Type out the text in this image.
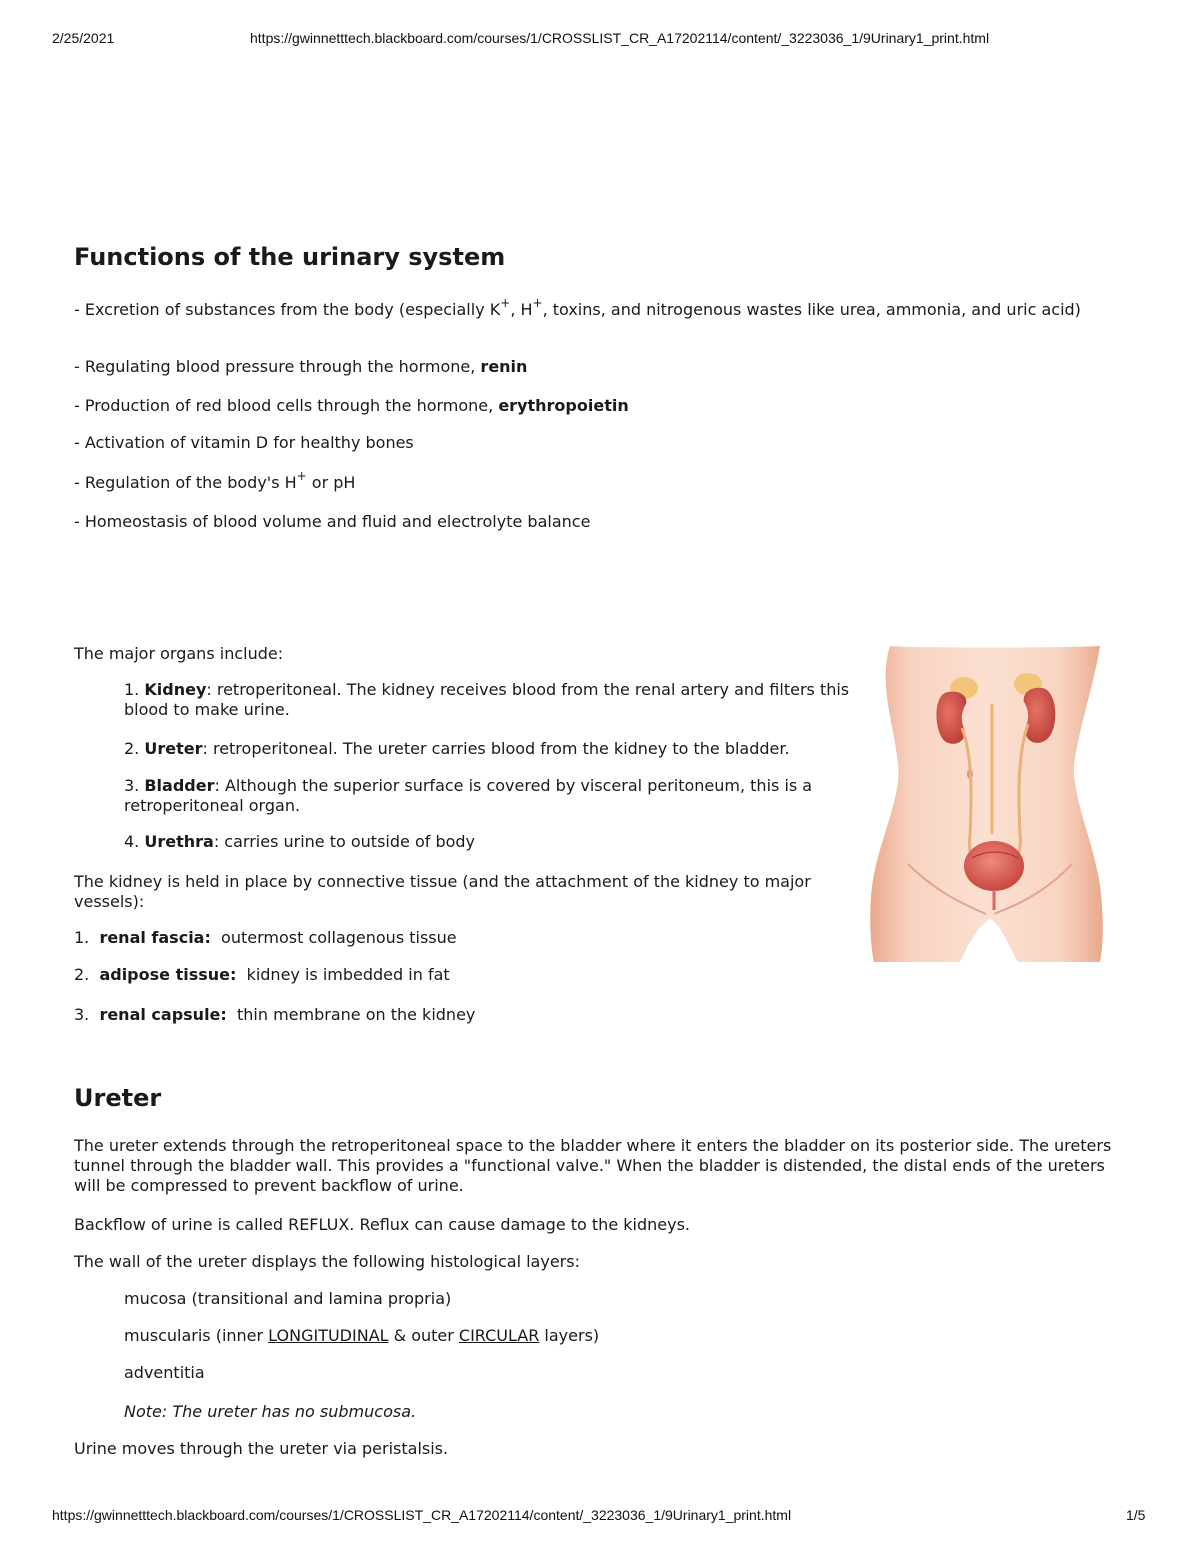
2/25/2021	https://gwinnetttech.blackboard.com/courses/1/CROSSLIST_CR_A17202114/content/_3223036_1/9Urinary1_print.html
https://gwinnetttech.blackboard.com/courses/1/CROSSLIST_CR_A17202114/content/_3223036_1/9Urinary1_print.html	1/5
Functions of the urinary system

- Excretion of substances from the body (especially K+, H+, toxins, and nitrogenous wastes like urea, ammonia, and uric acid)

- Regulating blood pressure through the hormone, renin

- Production of red blood cells through the hormone, erythropoietin

- Activation of vitamin D for healthy bones

- Regulation of the body's H+ or pH

- Homeostasis of blood volume and fluid and electrolyte balance

The major organs include:

1. Kidney: retroperitoneal. The kidney receives blood from the renal artery and filters this blood to make urine.

2. Ureter: retroperitoneal. The ureter carries blood from the kidney to the bladder.

3. Bladder: Although the superior surface is covered by visceral peritoneum, this is a retroperitoneal organ.

4. Urethra: carries urine to outside of body

The kidney is held in place by connective tissue (and the attachment of the kidney to major vessels):

1. renal fascia: outermost collagenous tissue

2. adipose tissue: kidney is imbedded in fat

3. renal capsule: thin membrane on the kidney

Ureter

The ureter extends through the retroperitoneal space to the bladder where it enters the bladder on its posterior side. The ureters tunnel through the bladder wall. This provides a "functional valve." When the bladder is distended, the distal ends of the ureters will be compressed to prevent backflow of urine.

Backflow of urine is called REFLUX. Reflux can cause damage to the kidneys.

The wall of the ureter displays the following histological layers:

mucosa (transitional and lamina propria)

muscularis (inner LONGITUDINAL & outer CIRCULAR layers)

adventitia

Note: The ureter has no submucosa.

Urine moves through the ureter via peristalsis.
